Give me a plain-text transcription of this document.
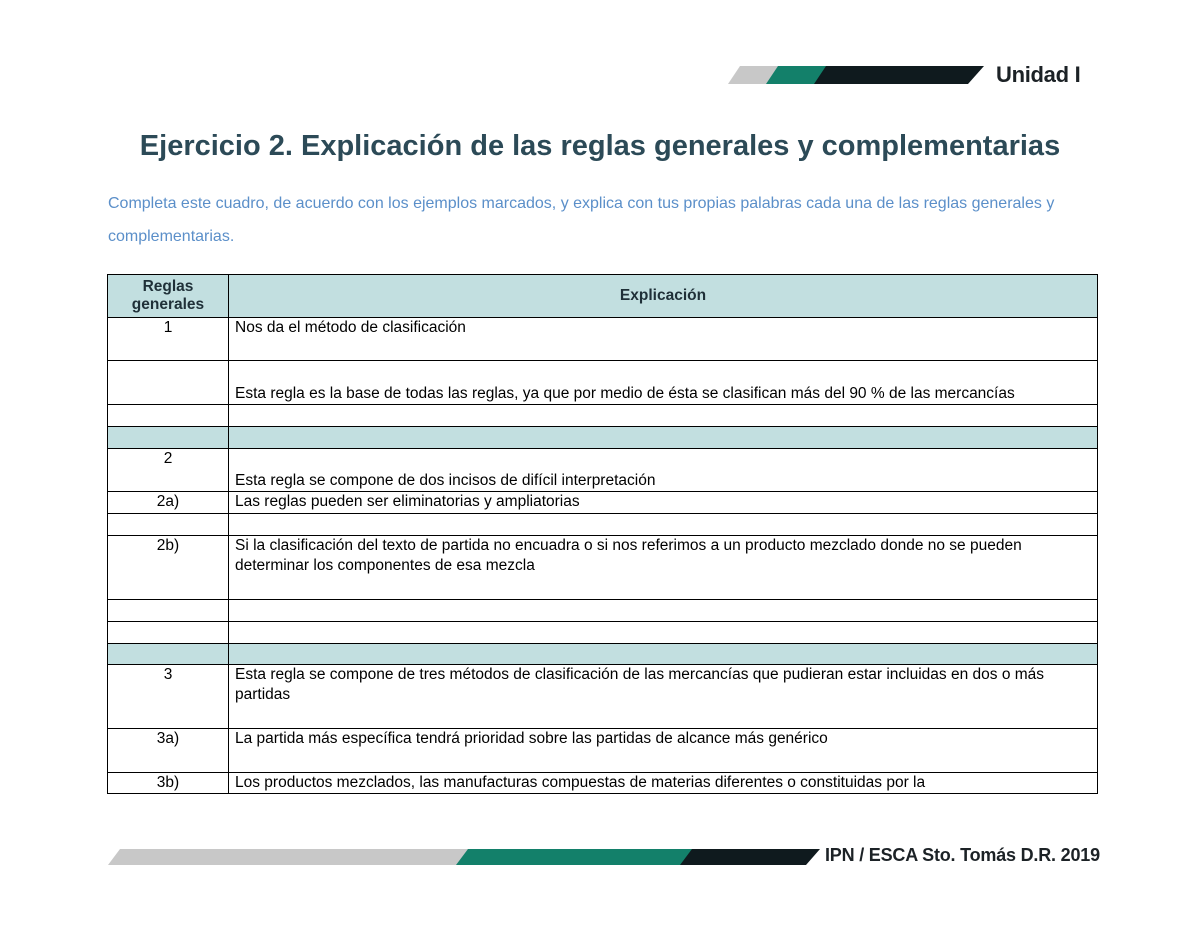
Unidad I
Ejercicio 2. Explicación de las reglas generales y complementarias
Completa este cuadro, de acuerdo con los ejemplos marcados, y explica con tus propias palabras cada una de las reglas generales y complementarias.
Reglas generales	Explicación
1	Nos da el método de clasificación
	Esta regla es la base de todas las reglas, ya que por medio de ésta se clasifican más del 90 % de las mercancías

2	Esta regla se compone de dos incisos de difícil interpretación
2a)	Las reglas pueden ser eliminatorias y ampliatorias

2b)	Si la clasificación del texto de partida no encuadra o si nos referimos a un producto mezclado donde no se pueden determinar los componentes de esa mezcla

3	Esta regla se compone de tres métodos de clasificación de las mercancías que pudieran estar incluidas en dos o más partidas
3a)	La partida más específica tendrá prioridad sobre las partidas de alcance más genérico
3b)	Los productos mezclados, las manufacturas compuestas de materias diferentes o constituidas por la
IPN / ESCA Sto. Tomás D.R. 2019
